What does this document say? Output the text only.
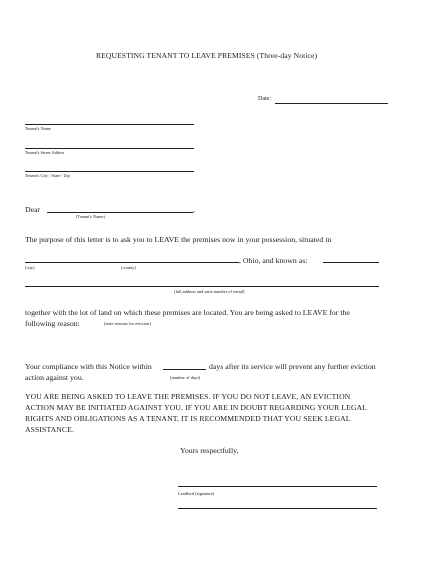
REQUESTING TENANT TO LEAVE PREMISES (Three-day Notice)
Date:
Tenant's Name
Tenant's Street Addres
Tenant's City / State / Zip
Dear	,
(Tenant's Name)
The purpose of this letter is to ask you to LEAVE the premises now in your possession, situated in
, Ohio, and known as:
[city]	[county]
[full address and suite number of rental]
together with the lot of land on which these premises are located. You are being asked to LEAVE for the
following reason:	[state reasons for eviction]
Your compliance with this Notice within	days after its service will prevent any further eviction
action against you.	[number of days]
YOU ARE BEING ASKED TO LEAVE THE PREMISES. IF YOU DO NOT LEAVE, AN EVICTION
ACTION MAY BE INITIATED AGAINST YOU. IF YOU ARE IN DOUBT REGARDING YOUR LEGAL
RIGHTS AND OBLIGATIONS AS A TENANT, IT IS RECOMMENDED THAT YOU SEEK LEGAL
ASSISTANCE.
Yours respectfully,
Landlord (signature)
